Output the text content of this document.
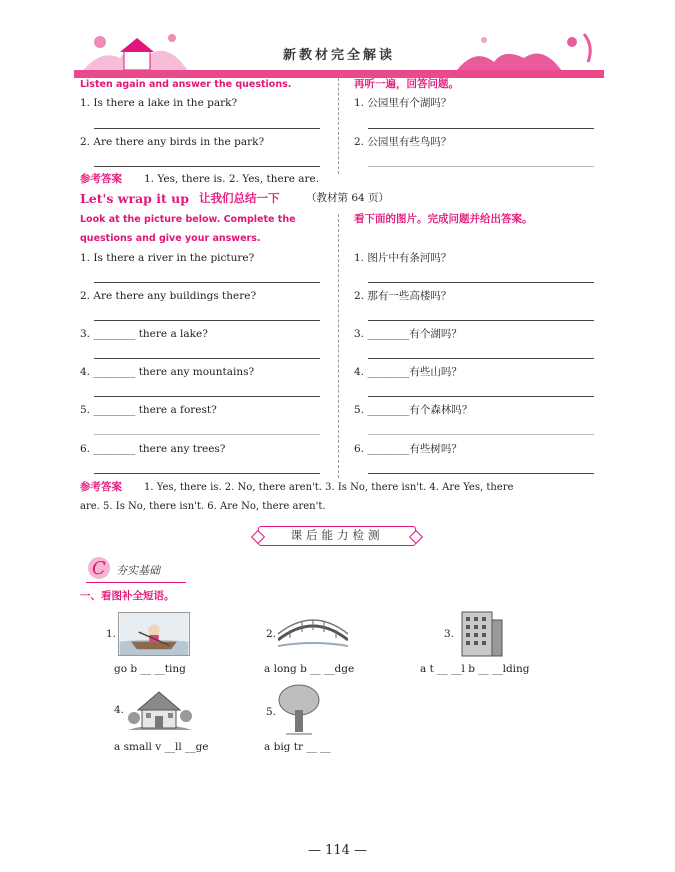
新教材完全解读
Listen again and answer the questions.	再听一遍，回答问题。
1. Is there a lake in the park?	1. 公园里有个湖吗？
2. Are there any birds in the park?	2. 公园里有些鸟吗？
参考答案 1. Yes, there is. 2. Yes, there are.
Let's wrap it up 让我们总结一下	（教材第 64 页）
Look at the picture below. Complete the
questions and give your answers.
看下面的图片。完成问题并给出答案。
1. Is there a river in the picture?	1. 图片中有条河吗？
2. Are there any buildings there?	2. 那有一些高楼吗？
3. ________ there a lake?	3. ________有个湖吗？
4. ________ there any mountains?	4. ________有些山吗？
5. ________ there a forest?	5. ________有个森林吗？
6. ________ there any trees?	6. ________有些树吗？
参考答案 1. Yes, there is. 2. No, there aren't. 3. Is No, there isn't. 4. Are Yes, there
are. 5. Is No, there isn't. 6. Are No, there aren't.
课后能力检测
C 夯实基础
一、看图补全短语。
1.
go b __ __ting
2.
a long b __ __dge
3.
a t __ __l b __ __lding
4.
a small v __ll __ge
5.
a big tr __ __
— 114 —
